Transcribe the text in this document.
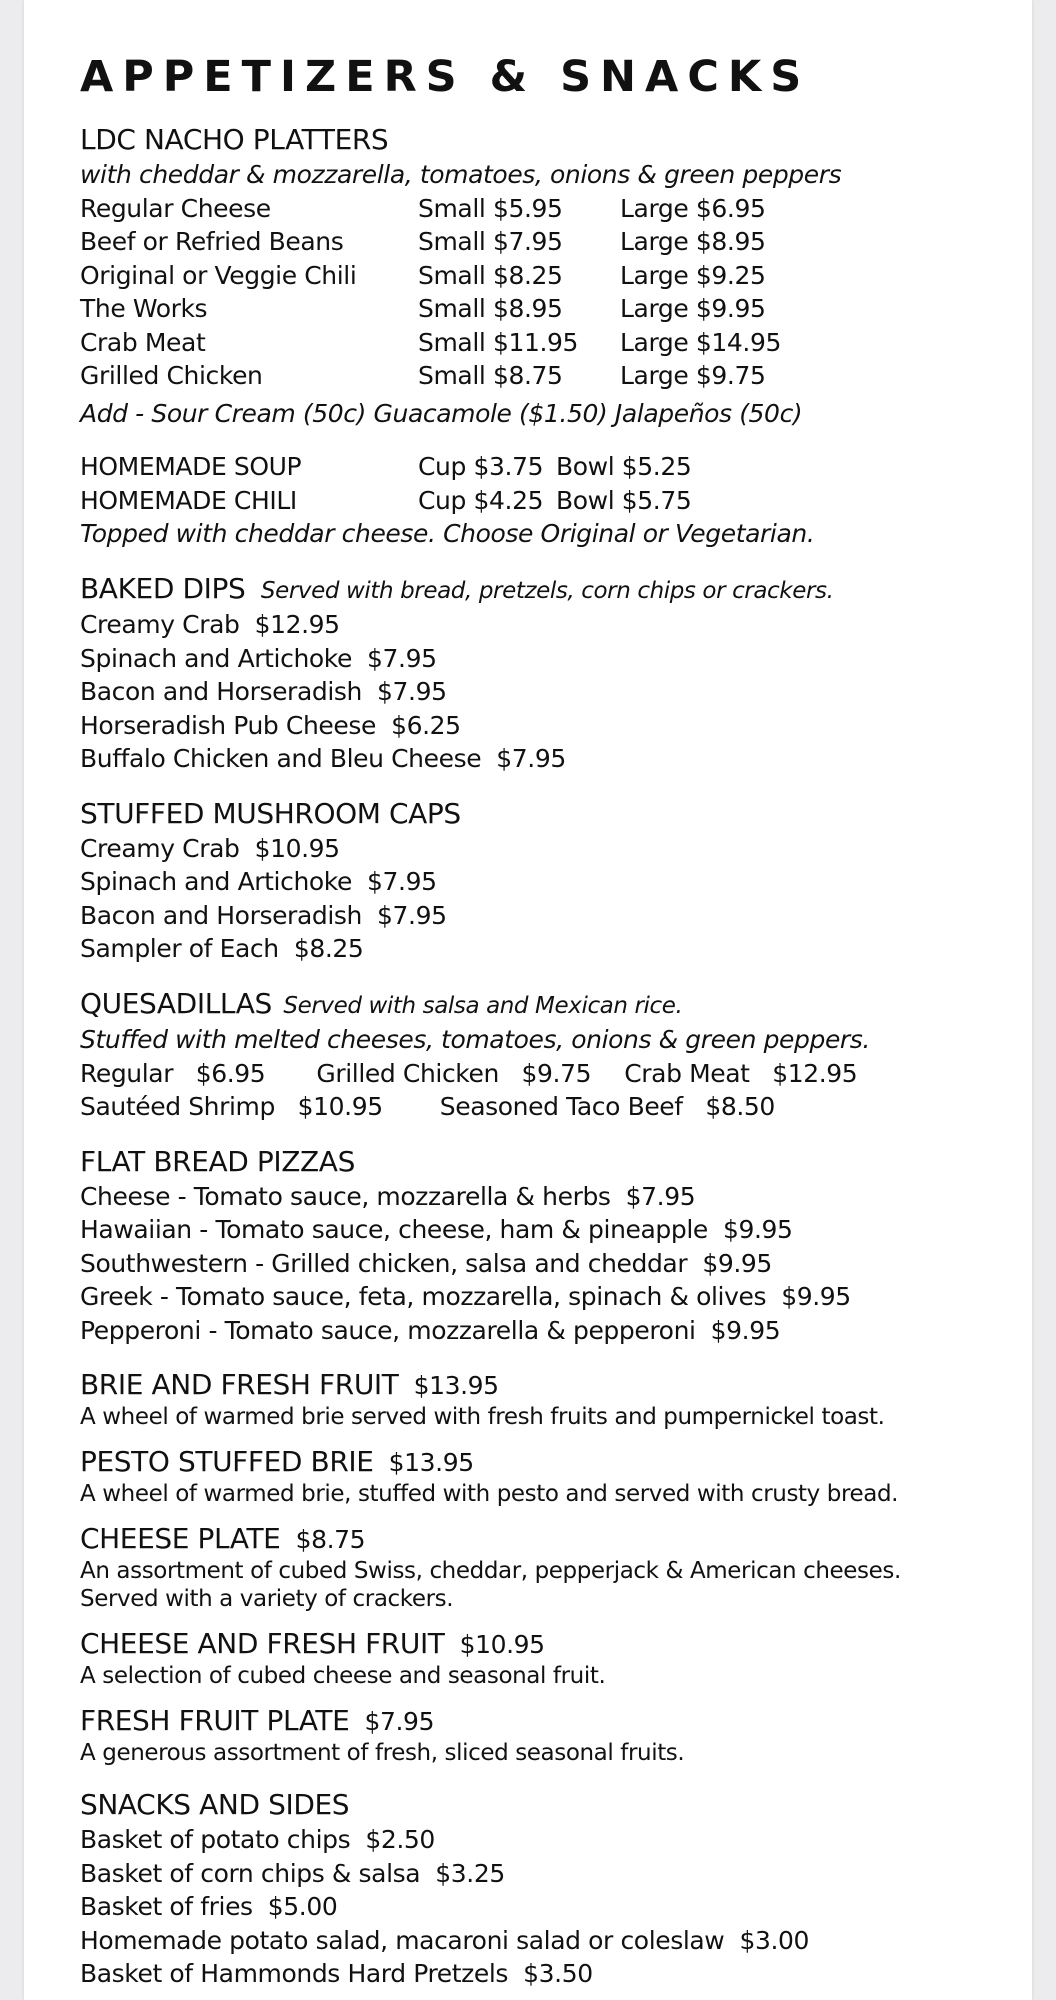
APPETIZERS & SNACKS
LDC NACHO PLATTERS
with cheddar & mozzarella, tomatoes, onions & green peppers
Regular Cheese	Small $5.95 Large $6.95
Beef or Refried Beans	Small $7.95 Large $8.95
Original or Veggie Chili Small $8.25 Large $9.25
The Works	Small $8.95 Large $9.95
Crab Meat	Small $11.95 Large $14.95
Grilled Chicken	Small $8.75 Large $9.75
Add - Sour Cream (50c) Guacamole ($1.50) Jalapeños (50c)
HOMEMADE SOUP	Cup $3.75 Bowl $5.25
HOMEMADE CHILI	Cup $4.25 Bowl $5.75
Topped with cheddar cheese. Choose Original or Vegetarian.
BAKED DIPS Served with bread, pretzels, corn chips or crackers.
Creamy Crab $12.95
Spinach and Artichoke $7.95
Bacon and Horseradish $7.95
Horseradish Pub Cheese $6.25
Buffalo Chicken and Bleu Cheese $7.95
STUFFED MUSHROOM CAPS
Creamy Crab $10.95
Spinach and Artichoke $7.95
Bacon and Horseradish $7.95
Sampler of Each $8.25
QUESADILLAS Served with salsa and Mexican rice.
Stuffed with melted cheeses, tomatoes, onions & green peppers.
Regular $6.95 Grilled Chicken $9.75 Crab Meat $12.95
Sautéed Shrimp $10.95 Seasoned Taco Beef $8.50
FLAT BREAD PIZZAS
Cheese - Tomato sauce, mozzarella & herbs $7.95
Hawaiian - Tomato sauce, cheese, ham & pineapple $9.95
Southwestern - Grilled chicken, salsa and cheddar $9.95
Greek - Tomato sauce, feta, mozzarella, spinach & olives $9.95
Pepperoni - Tomato sauce, mozzarella & pepperoni $9.95
BRIE AND FRESH FRUIT $13.95
A wheel of warmed brie served with fresh fruits and pumpernickel toast.
PESTO STUFFED BRIE $13.95
A wheel of warmed brie, stuffed with pesto and served with crusty bread.
CHEESE PLATE $8.75
An assortment of cubed Swiss, cheddar, pepperjack & American cheeses.
Served with a variety of crackers.
CHEESE AND FRESH FRUIT $10.95
A selection of cubed cheese and seasonal fruit.
FRESH FRUIT PLATE $7.95
A generous assortment of fresh, sliced seasonal fruits.
SNACKS AND SIDES
Basket of potato chips $2.50
Basket of corn chips & salsa $3.25
Basket of fries $5.00
Homemade potato salad, macaroni salad or coleslaw $3.00
Basket of Hammonds Hard Pretzels $3.50
